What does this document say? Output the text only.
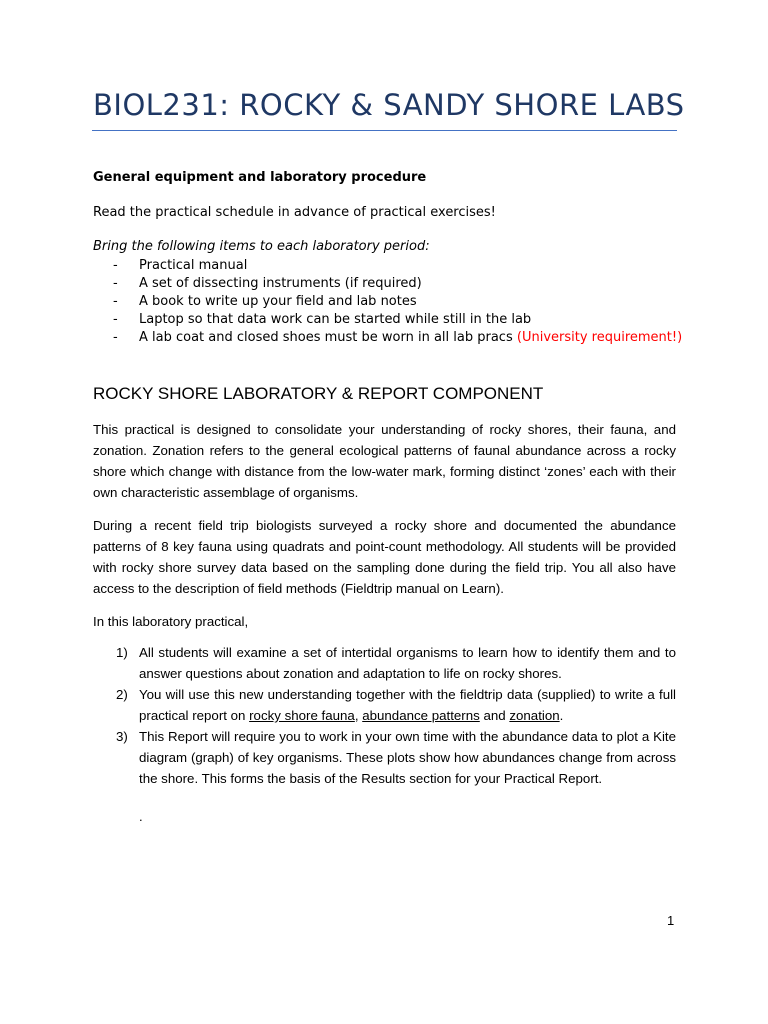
BIOL231: ROCKY & SANDY SHORE LABS
General equipment and laboratory procedure
Read the practical schedule in advance of practical exercises!
Bring the following items to each laboratory period:
- Practical manual
- A set of dissecting instruments (if required)
- A book to write up your field and lab notes
- Laptop so that data work can be started while still in the lab
- A lab coat and closed shoes must be worn in all lab pracs (University requirement!)
ROCKY SHORE LABORATORY & REPORT COMPONENT

This practical is designed to consolidate your understanding of rocky shores, their fauna, and zonation. Zonation refers to the general ecological patterns of faunal abundance across a rocky shore which change with distance from the low-water mark, forming distinct ‘zones’ each with their own characteristic assemblage of organisms.

During a recent field trip biologists surveyed a rocky shore and documented the abundance patterns of 8 key fauna using quadrats and point-count methodology. All students will be provided with rocky shore survey data based on the sampling done during the field trip. You all also have access to the description of field methods (Fieldtrip manual on Learn).

In this laboratory practical,

1) All students will examine a set of intertidal organisms to learn how to identify them and to answer questions about zonation and adaptation to life on rocky shores.
2) You will use this new understanding together with the fieldtrip data (supplied) to write a full practical report on rocky shore fauna, abundance patterns and zonation.
3) This Report will require you to work in your own time with the abundance data to plot a Kite diagram (graph) of key organisms. These plots show how abundances change from across the shore. This forms the basis of the Results section for your Practical Report.
.
1
